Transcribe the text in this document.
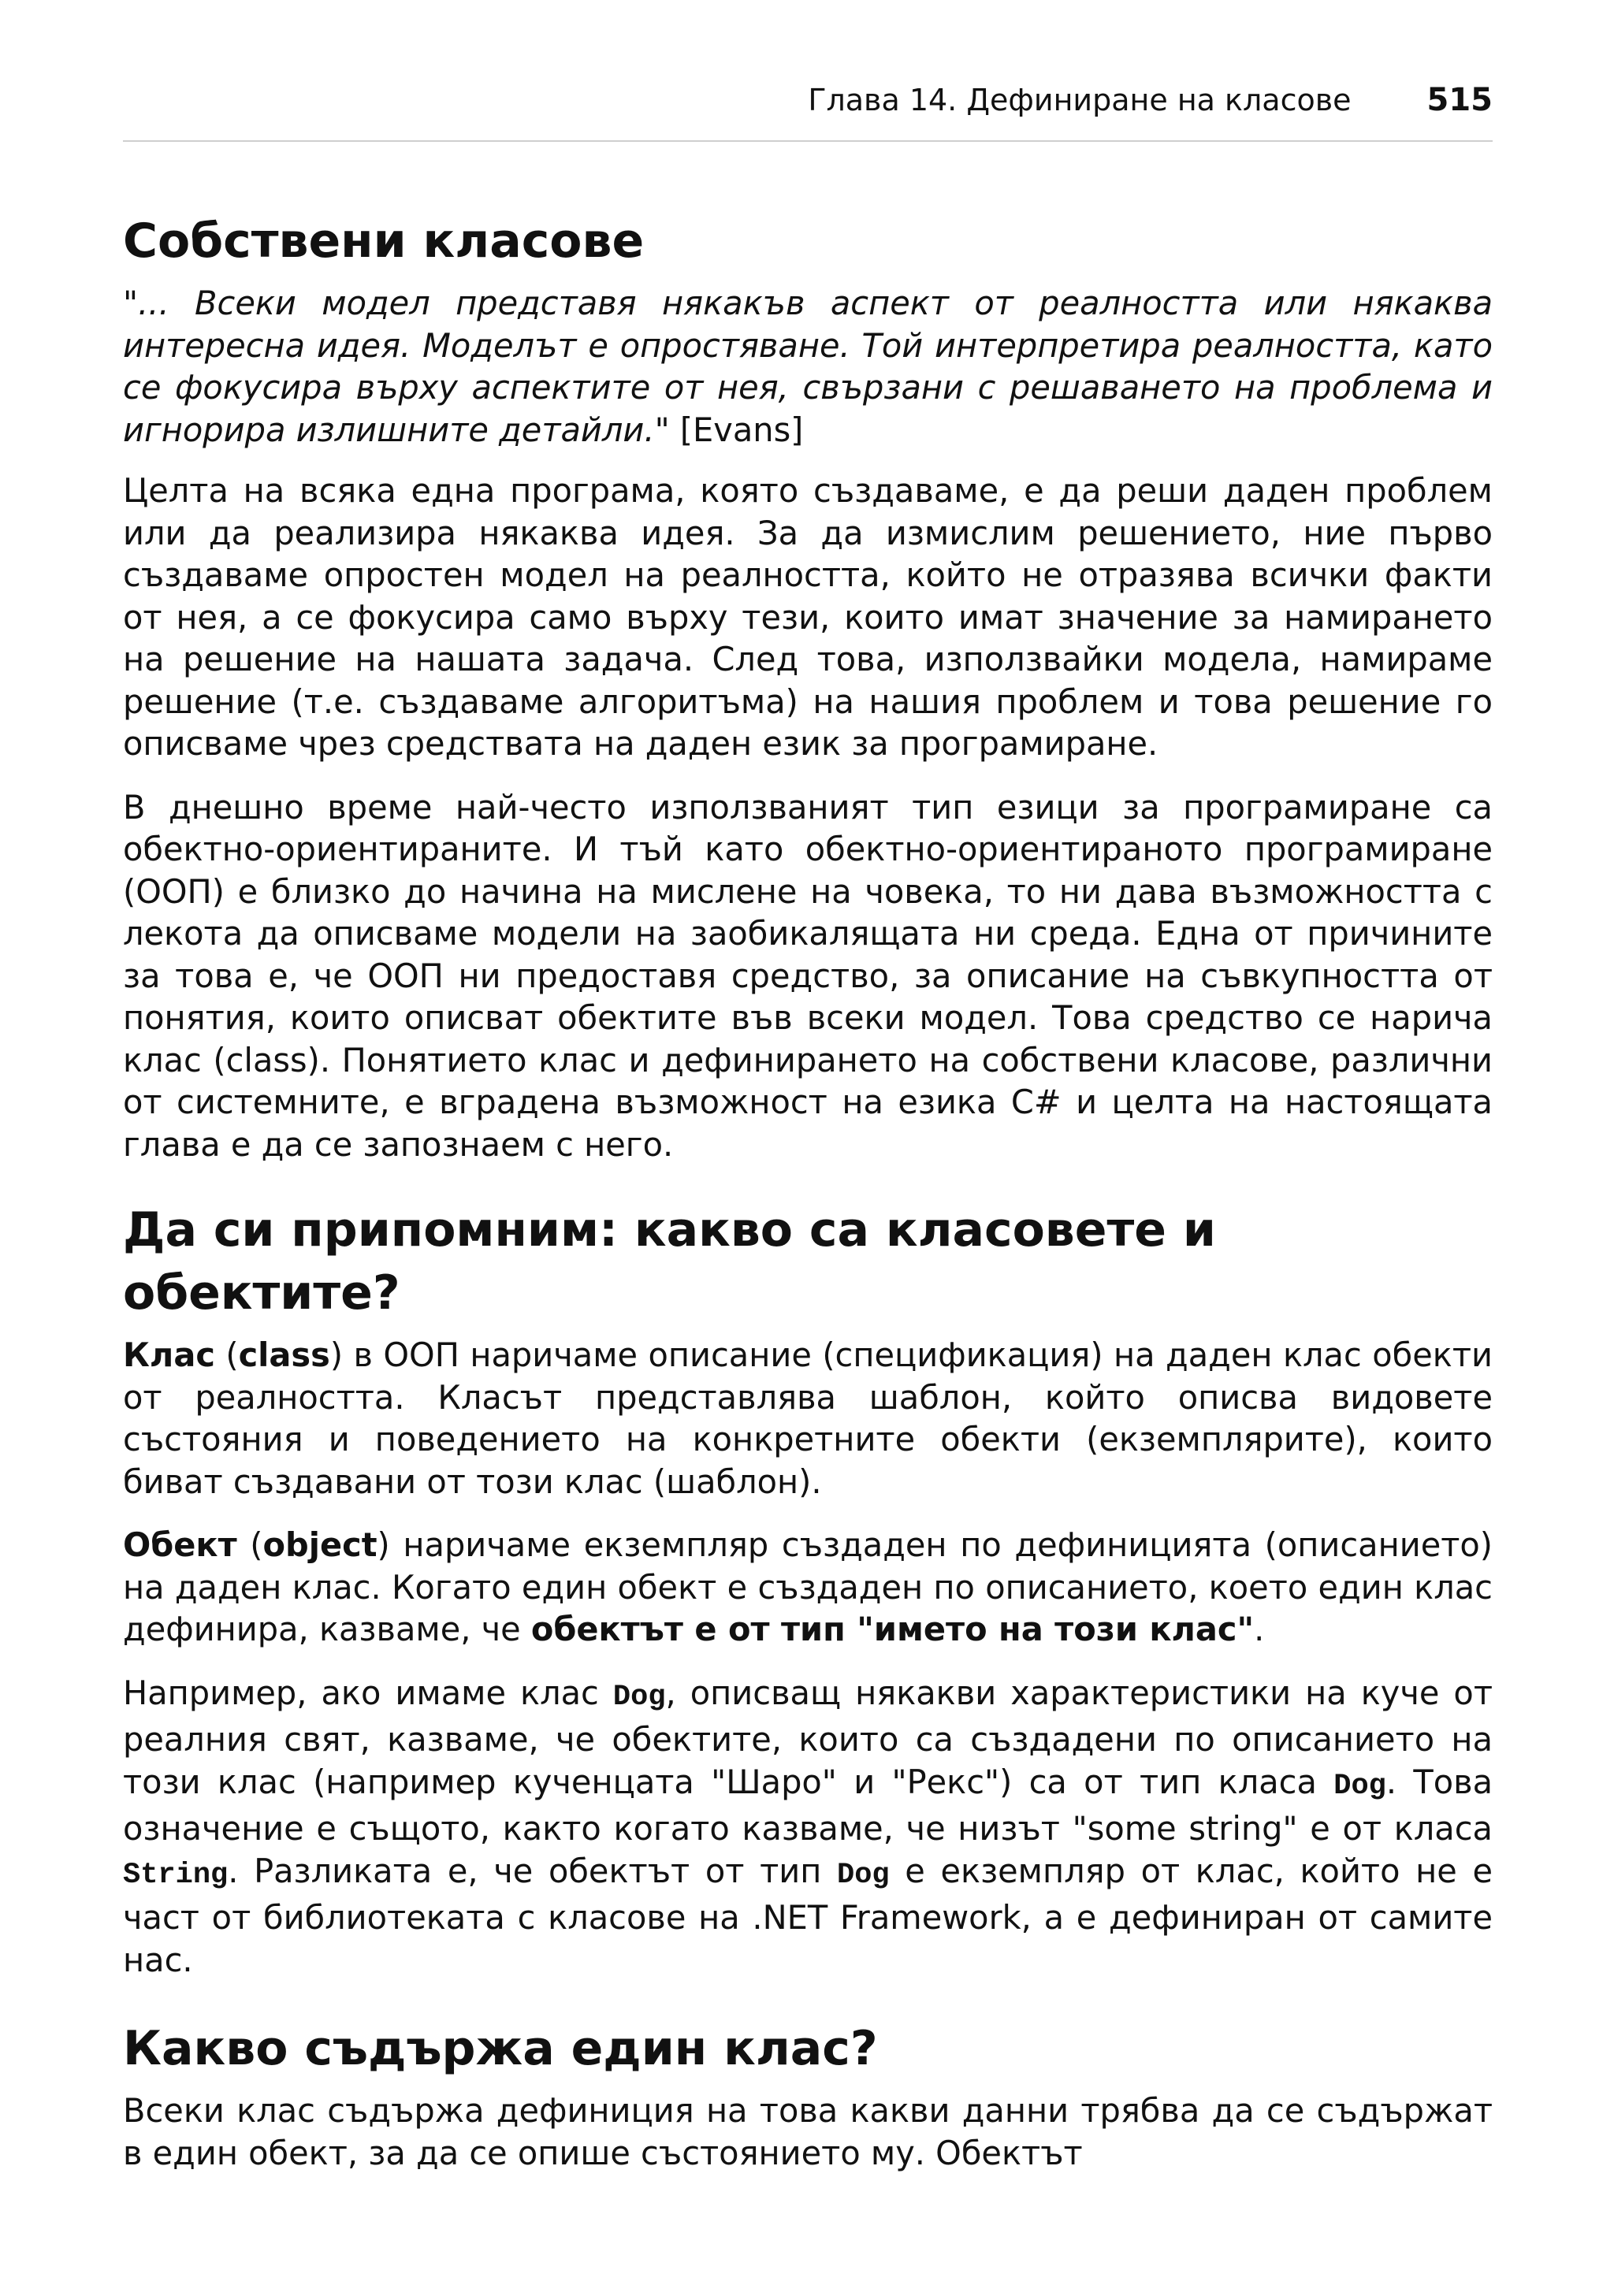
Глава 14. Дефиниране на класове 515
Собствени класове

"... Всеки модел представя някакъв аспект от реалността или някаква интересна идея. Моделът е опростяване. Той интерпретира реалността, като се фокусира върху аспектите от нея, свързани с решаването на проблема и игнорира излишните детайли." [Evans]

Целта на всяка една програма, която създаваме, е да реши даден проблем или да реализира някаква идея. За да измислим решението, ние първо създаваме опростен модел на реалността, който не отразява всички факти от нея, а се фокусира само върху тези, които имат значение за намирането на решение на нашата задача. След това, използвайки модела, намираме решение (т.е. създаваме алгоритъма) на нашия проблем и това решение го описваме чрез средствата на даден език за програмиране.

В днешно време най-често използваният тип езици за програмиране са обектно-ориентираните. И тъй като обектно-ориентираното програмиране (ООП) е близко до начина на мислене на човека, то ни дава възможността с лекота да описваме модели на заобикалящата ни среда. Една от причините за това е, че ООП ни предоставя средство, за описание на съвкупността от понятия, които описват обектите във всеки модел. Това средство се нарича клас (class). Понятието клас и дефинирането на собствени класове, различни от системните, е вградена възможност на езика C# и целта на настоящата глава е да се запознаем с него.

Да си припомним: какво са класовете и обектите?

Клас (class) в ООП наричаме описание (спецификация) на даден клас обекти от реалността. Класът представлява шаблон, който описва видовете състояния и поведението на конкретните обекти (екземплярите), които биват създавани от този клас (шаблон).

Обект (object) наричаме екземпляр създаден по дефиницията (описанието) на даден клас. Когато един обект е създаден по описанието, което един клас дефинира, казваме, че обектът е от тип "името на този клас".

Например, ако имаме клас Dog, описващ някакви характеристики на куче от реалния свят, казваме, че обектите, които са създадени по описанието на този клас (например кученцата "Шаро" и "Рекс") са от тип класа Dog. Това означение е същото, както когато казваме, че низът "some string" е от класа String. Разликата е, че обектът от тип Dog е екземпляр от клас, който не е част от библиотеката с класове на .NET Framework, а е дефиниран от самите нас.

Какво съдържа един клас?

Всеки клас съдържа дефиниция на това какви данни трябва да се съдържат в един обект, за да се опише състоянието му. Обектът
